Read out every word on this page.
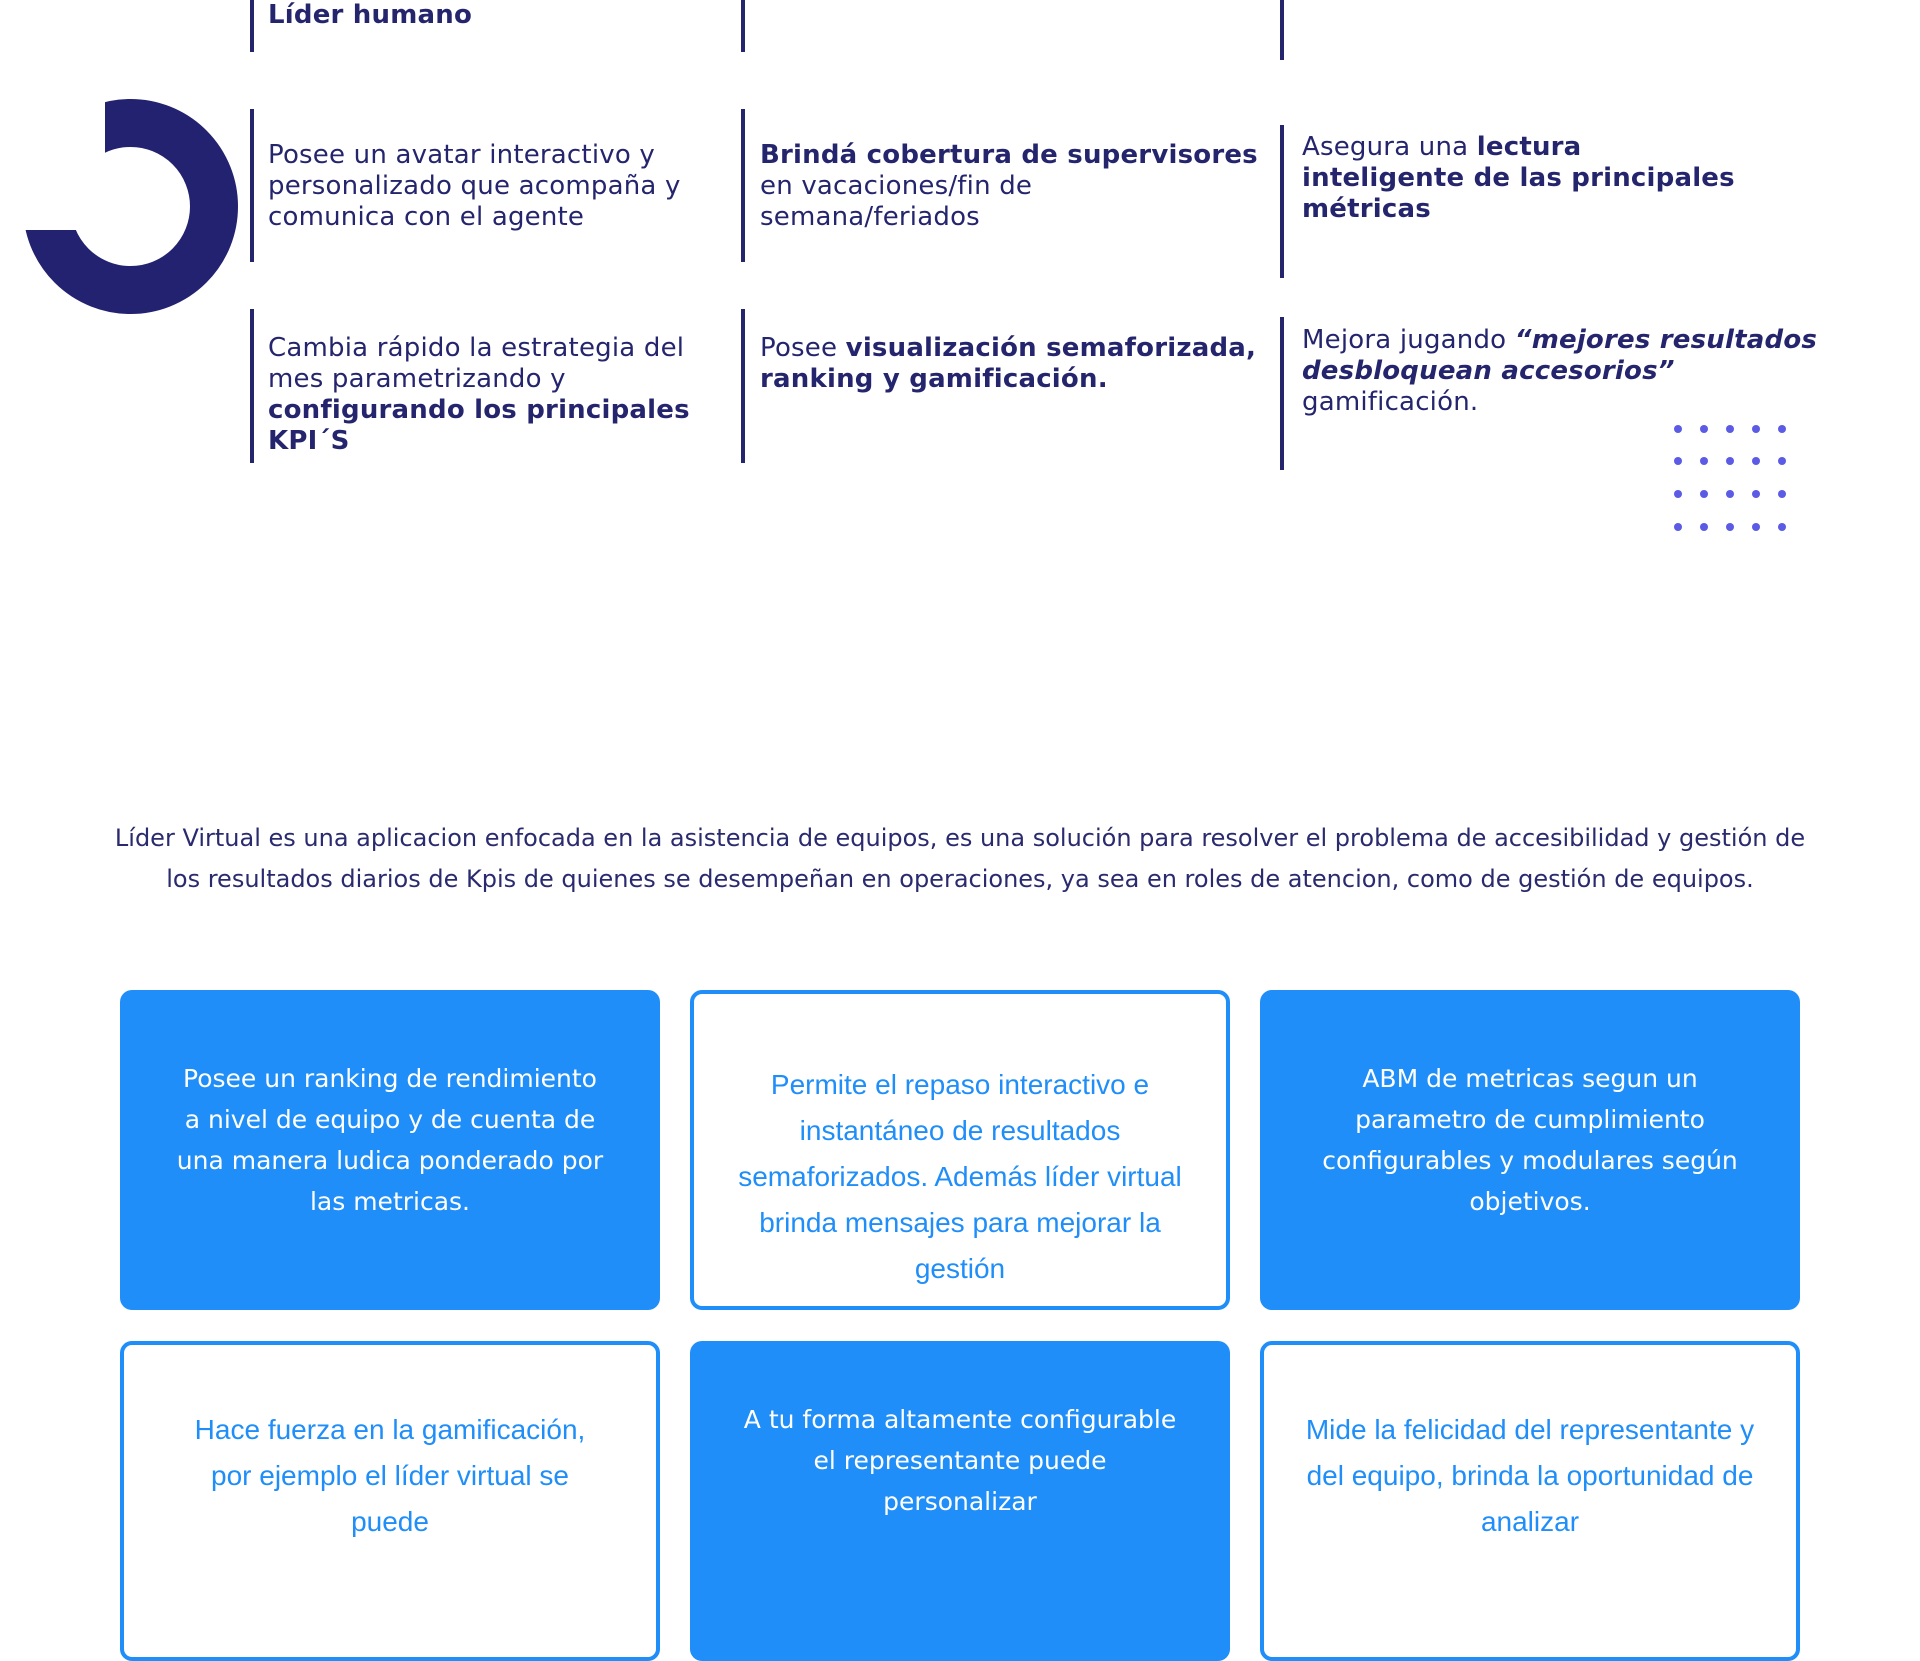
Líder humano
Posee un avatar interactivo y personalizado que acompaña y comunica con el agente
Brindá cobertura de supervisores en vacaciones/fin de semana/feriados
Asegura una lectura inteligente de las principales métricas
Cambia rápido la estrategia del mes parametrizando y configurando los principales KPI´S
Posee visualización semaforizada, ranking y gamificación.
Mejora jugando “mejores resultados desbloquean accesorios” gamificación.

Líder Virtual es una aplicacion enfocada en la asistencia de equipos, es una solución para resolver el problema de accesibilidad y gestión de los resultados diarios de Kpis de quienes se desempeñan en operaciones, ya sea en roles de atencion, como de gestión de equipos.

Posee un ranking de rendimiento a nivel de equipo y de cuenta de una manera ludica ponderado por las metricas.
Permite el repaso interactivo e instantáneo de resultados semaforizados. Además líder virtual brinda mensajes para mejorar la gestión
ABM de metricas segun un parametro de cumplimiento configurables y modulares según objetivos.
Hace fuerza en la gamificación, por ejemplo el líder virtual se puede
A tu forma altamente configurable el representante puede personalizar
Mide la felicidad del representante y del equipo, brinda la oportunidad de analizar
